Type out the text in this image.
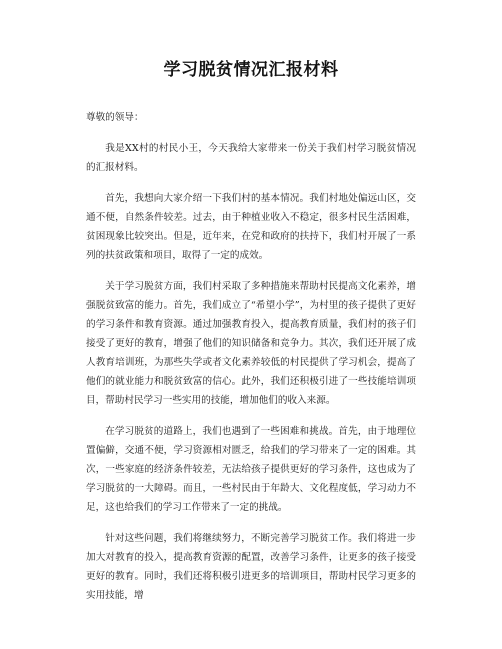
学习脱贫情况汇报材料

尊敬的领导：

我是XX村的村民小王，今天我给大家带来一份关于我们村学习脱贫情况的汇报材料。

首先，我想向大家介绍一下我们村的基本情况。我们村地处偏远山区，交通不便，自然条件较差。过去，由于种植业收入不稳定，很多村民生活困难，贫困现象比较突出。但是，近年来，在党和政府的扶持下，我们村开展了一系列的扶贫政策和项目，取得了一定的成效。

关于学习脱贫方面，我们村采取了多种措施来帮助村民提高文化素养，增强脱贫致富的能力。首先，我们成立了“希望小学”，为村里的孩子提供了更好的学习条件和教育资源。通过加强教育投入，提高教育质量，我们村的孩子们接受了更好的教育，增强了他们的知识储备和竞争力。其次，我们还开展了成人教育培训班，为那些失学或者文化素养较低的村民提供了学习机会，提高了他们的就业能力和脱贫致富的信心。此外，我们还积极引进了一些技能培训项目，帮助村民学习一些实用的技能，增加他们的收入来源。

在学习脱贫的道路上，我们也遇到了一些困难和挑战。首先，由于地理位置偏僻，交通不便，学习资源相对匮乏，给我们的学习带来了一定的困难。其次，一些家庭的经济条件较差，无法给孩子提供更好的学习条件，这也成为了学习脱贫的一大障碍。而且，一些村民由于年龄大、文化程度低，学习动力不足，这也给我们的学习工作带来了一定的挑战。

针对这些问题，我们将继续努力，不断完善学习脱贫工作。我们将进一步加大对教育的投入，提高教育资源的配置，改善学习条件，让更多的孩子接受更好的教育。同时，我们还将积极引进更多的培训项目，帮助村民学习更多的实用技能，增
